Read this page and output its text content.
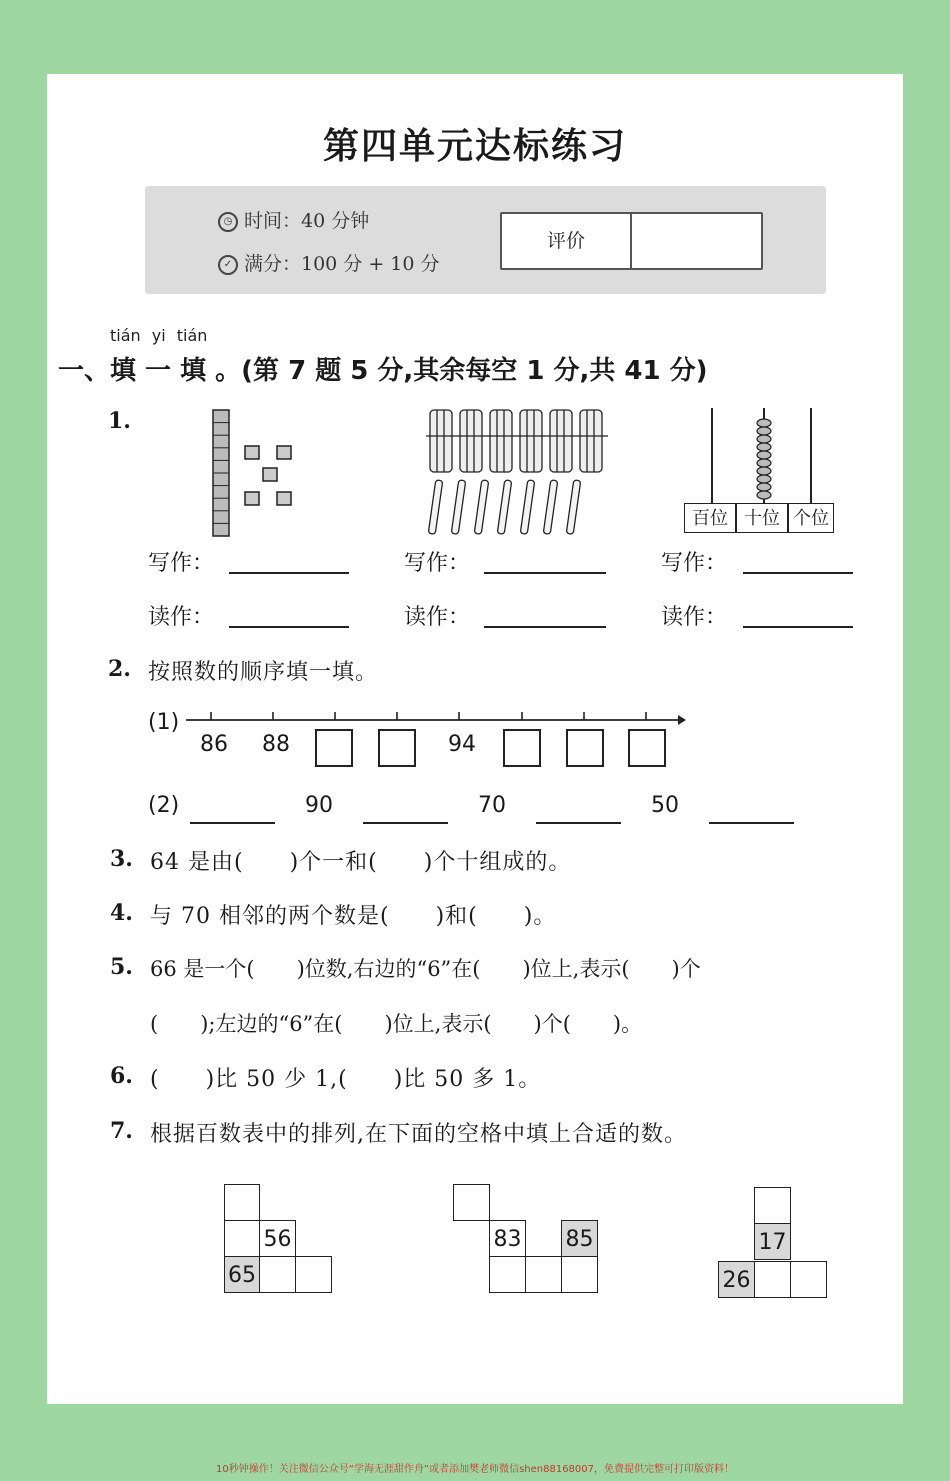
第四单元达标练习
◷ 时间：40 分钟
✓ 满分：100 分 + 10 分
评价
tián yi tián
一、填 一 填 。(第 7 题 5 分,其余每空 1 分,共 41 分)
1.
百位 十位 个位
写作：
读作：
写作：
读作：
写作：
读作：
2. 按照数的顺序填一填。
(1)
86 88	94
(2)	90	70	50
3. 64 是由(　　)个一和(　　)个十组成的。
4. 与 70 相邻的两个数是(　　)和(　　)。
5. 66 是一个(　　)位数,右边的“6”在(　　)位上,表示(　　)个
(　　);左边的“6”在(　　)位上,表示(　　)个(　　)。
6. (　　)比 50 少 1,(　　)比 50 多 1。
7. 根据百数表中的排列,在下面的空格中填上合适的数。
56
65
83 85	17
26
10秒钟操作！关注微信公众号“学海无涯甜作舟”或者添加樊老师微信shen88168007，免费提供完整可打印版资料！
